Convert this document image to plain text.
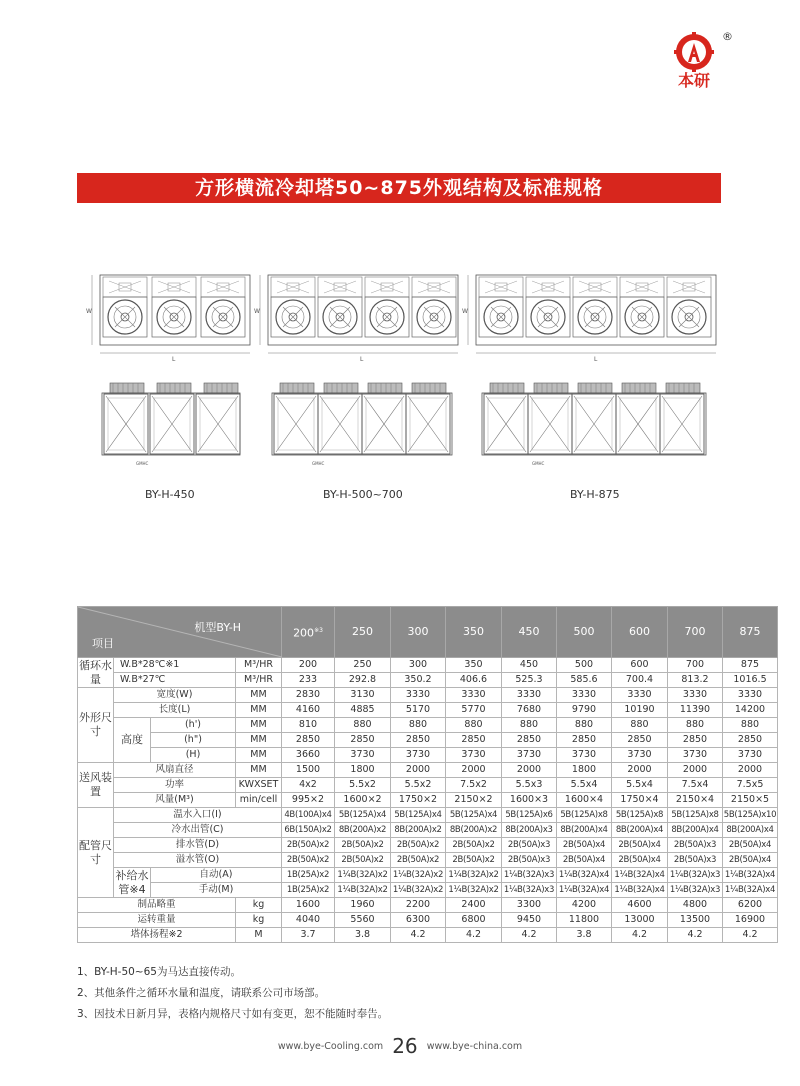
本研
®
方形横流冷却塔50~875外观结构及标准规格
W
L
W
L
W
L
GMHC	GMHC	GMHC
BY-H-450	BY-H-500~700	BY-H-875
机型BY-H
项目				200$^{※3}$	250	300	350	450	500	600	700	875
循环水量	W.B*28℃※1		M³/HR	200	250	300	350	450	500	600	700	875
	W.B*27℃		M³/HR	233	292.8	350.2	406.6	525.3	585.6	700.4	813.2	1016.5
外形尺寸	宽度(W)		MM	2830	3130	3330	3330	3330	3330	3330	3330	3330
	长度(L)		MM	4160	4885	5170	5770	7680	9790	10190	11390	14200
	高度	(h')	MM	810	880	880	880	880	880	880	880	880
		(h")	MM	2850	2850	2850	2850	2850	2850	2850	2850	2850
		(H)	MM	3660	3730	3730	3730	3730	3730	3730	3730	3730
送风装置	风扇直径		MM	1500	1800	2000	2000	2000	1800	2000	2000	2000
	功率		KWXSET	4x2	5.5x2	5.5x2	7.5x2	5.5x3	5.5x4	5.5x4	7.5x4	7.5x5
	风量(M³)		min/cell	995×2	1600×2	1750×2	2150×2	1600×3	1600×4	1750×4	2150×4	2150×5
配管尺寸	温水入口(I)			4B(100A)x4	5B(125A)x4	5B(125A)x4	5B(125A)x4	5B(125A)x6	5B(125A)x8	5B(125A)x8	5B(125A)x8	5B(125A)x10
	冷水出管(C)			6B(150A)x2	8B(200A)x2	8B(200A)x2	8B(200A)x2	8B(200A)x3	8B(200A)x4	8B(200A)x4	8B(200A)x4	8B(200A)x4
	排水管(D)			2B(50A)x2	2B(50A)x2	2B(50A)x2	2B(50A)x2	2B(50A)x3	2B(50A)x4	2B(50A)x4	2B(50A)x3	2B(50A)x4
	溢水管(O)			2B(50A)x2	2B(50A)x2	2B(50A)x2	2B(50A)x2	2B(50A)x3	2B(50A)x4	2B(50A)x4	2B(50A)x3	2B(50A)x4
	补给水管※4	自动(A)		1B(25A)x2	1¼B(32A)x2	1¼B(32A)x2	1¼B(32A)x2	1¼B(32A)x3	1¼B(32A)x4	1¼B(32A)x4	1¼B(32A)x3	1¼B(32A)x4
		手动(M)		1B(25A)x2	1¼B(32A)x2	1¼B(32A)x2	1¼B(32A)x2	1¼B(32A)x3	1¼B(32A)x4	1¼B(32A)x4	1¼B(32A)x3	1¼B(32A)x4
制品略重			kg	1600	1960	2200	2400	3300	4200	4600	4800	6200
运转重量			kg	4040	5560	6300	6800	9450	11800	13000	13500	16900
塔体扬程※2			M	3.7	3.8	4.2	4.2	4.2	3.8	4.2	4.2	4.2
1、BY-H-50~65为马达直接传动。
2、其他条件之循环水量和温度，请联系公司市场部。
3、因技术日新月异，表格内规格尺寸如有变更，恕不能随时奉告。
www.bye-Cooling.com 26 www.bye-china.com
